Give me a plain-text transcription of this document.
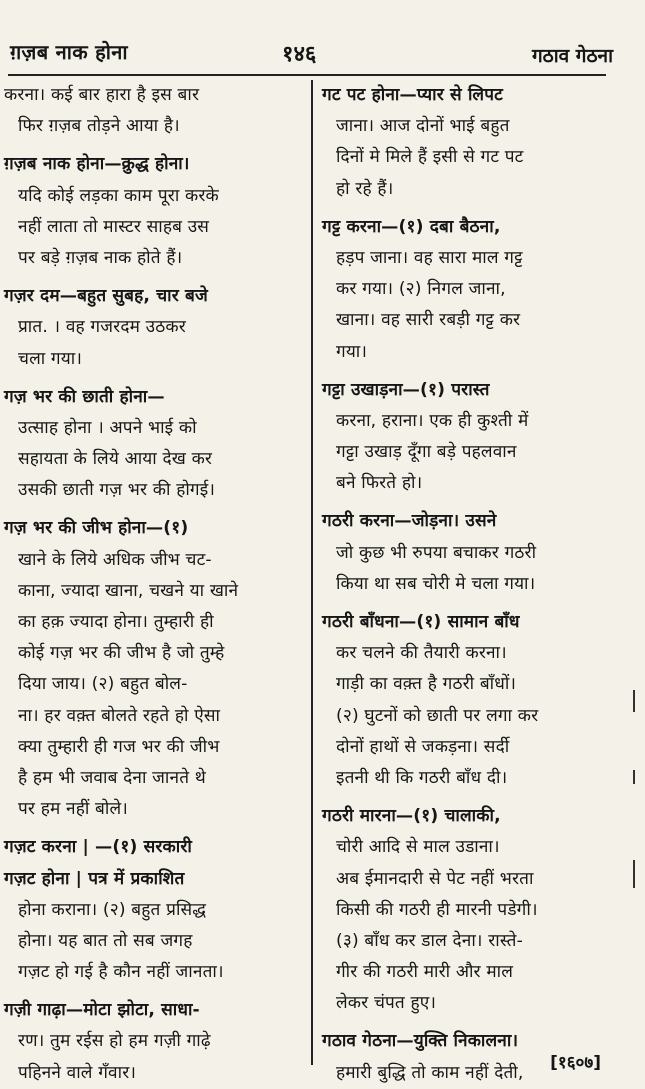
ग़ज़ब नाक होना	१४६	गठाव गेठना
करना। कई बार हारा है इस बार
फिर ग़ज़ब तोड़ने आया है।
ग़ज़ब नाक होना—क्रुद्ध होना।
यदि कोई लड़का काम पूरा करके
नहीं लाता तो मास्टर साहब उस
पर बड़े ग़ज़ब नाक होते हैं।
गज़र दम—बहुत सुबह, चार बजे
प्रात. । वह गजरदम उठकर
चला गया।
गज़ भर की छाती होना—
उत्साह होना । अपने भाई को
सहायता के लिये आया देख कर
उसकी छाती गज़ भर की होगई।
गज़ भर की जीभ होना—(१)
खाने के लिये अधिक जीभ चट-
काना, ज्यादा खाना, चखने या खाने
का हक़ ज्यादा होना। तुम्हारी ही
कोई गज़ भर की जीभ है जो तुम्हे
दिया जाय। (२) बहुत बोल-
ना। हर वक़्त बोलते रहते हो ऐसा
क्या तुम्हारी ही गज भर की जीभ
है हम भी जवाब देना जानते थे
पर हम नहीं बोले।
गज़ट करना | —(१) सरकारी
गज़ट होना | पत्र में प्रकाशित
होना कराना। (२) बहुत प्रसिद्ध
होना। यह बात तो सब जगह
गज़ट हो गई है कौन नहीं जानता।
गज़ी गाढ़ा—मोटा झोटा, साधा-
रण। तुम रईस हो हम गज़ी गाढ़े
पहिनने वाले गँवार।
गट पट होना—प्यार से लिपट
जाना। आज दोनों भाई बहुत
दिनों मे मिले हैं इसी से गट पट
हो रहे हैं।
गट्ट करना—(१) दबा बैठना,
हड़प जाना। वह सारा माल गट्ट
कर गया। (२) निगल जाना,
खाना। वह सारी रबड़ी गट्ट कर
गया।
गट्टा उखाड़ना—(१) परास्त
करना, हराना। एक ही कुश्ती में
गट्टा उखाड़ दूँगा बड़े पहलवान
बने फिरते हो।
गठरी करना—जोड़ना। उसने
जो कुछ भी रुपया बचाकर गठरी
किया था सब चोरी मे चला गया।
गठरी बाँधना—(१) सामान बाँध
कर चलने की तैयारी करना।
गाड़ी का वक़्त है गठरी बाँधों।
(२) घुटनों को छाती पर लगा कर
दोनों हाथों से जकड़ना। सर्दी
इतनी थी कि गठरी बाँध दी।
गठरी मारना—(१) चालाकी,
चोरी आदि से माल उडाना।
अब ईमानदारी से पेट नहीं भरता
किसी की गठरी ही मारनी पडेगी।
(३) बाँध कर डाल देना। रास्ते-
गीर की गठरी मारी और माल
लेकर चंपत हुए।
गठाव गेठना—युक्ति निकालना।
हमारी बुद्धि तो काम नहीं देती,	[१६०७]
